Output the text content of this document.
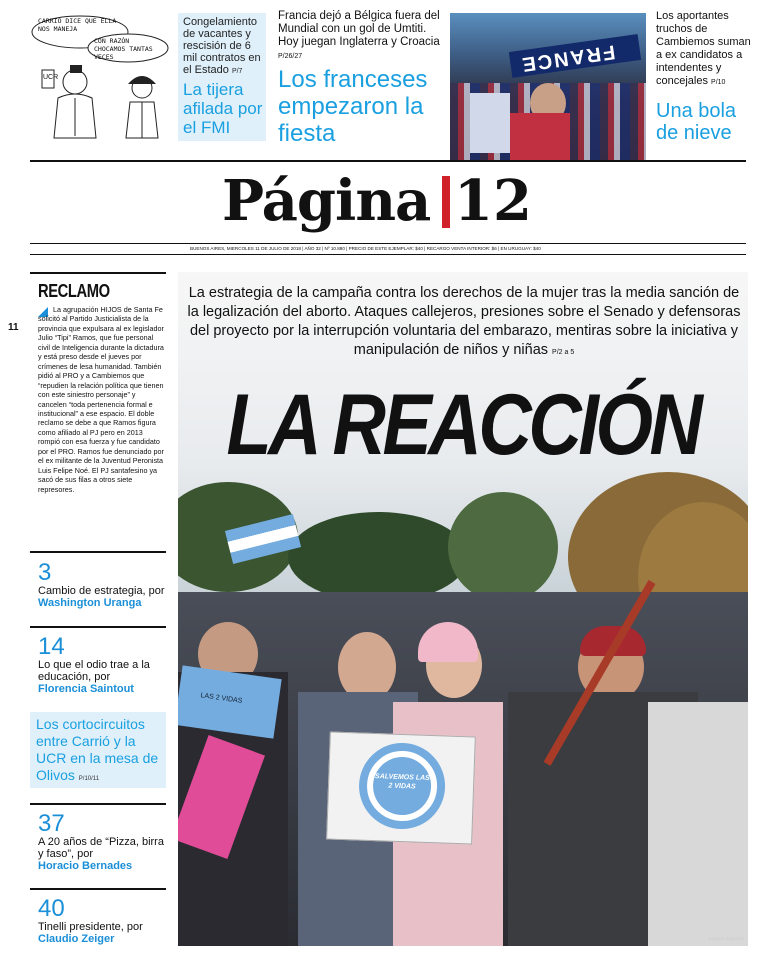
CARRIÓ DICE QUE ELLA NOS MANEJA
CON RAZÓN CHOCAMOS TANTAS VECES
UCR
Congelamiento de vacantes y rescisión de 6 mil contratos en el Estado P/7
La tijera afilada por el FMI
Francia dejó a Bélgica fuera del Mundial con un gol de Umtiti. Hoy juegan Inglaterra y Croacia P/26/27
Los franceses empezaron la fiesta
FRANCE
Los aportantes truchos de Cambiemos suman a ex candidatos a intendentes y concejales P/10
Una bola de nieve
Página 12
BUENOS AIRES, MIERCOLES 11 DE JULIO DE 2018 | AÑO 32 | Nº 10.880 | PRECIO DE ESTE EJEMPLAR: $40 | RECARGO VENTA INTERIOR: $6 | EN URUGUAY: $40
11
RECLAMO
La agrupación HIJOS de Santa Fe solicitó al Partido Justicialista de la provincia que expulsara al ex legislador Julio “Tipi” Ramos, que fue personal civil de Inteligencia durante la dictadura y está preso desde el jueves por crímenes de lesa humanidad. También pidió al PRO y a Cambiemos que “repudien la relación política que tienen con este siniestro personaje” y cancelen “toda pertenencia formal e institucional” a ese espacio. El doble reclamo se debe a que Ramos figura como afiliado al PJ pero en 2013 rompió con esa fuerza y fue candidato por el PRO. Ramos fue denunciado por el ex militante de la Juventud Peronista Luis Felipe Noé. El PJ santafesino ya sacó de sus filas a otros siete represores.
3
Cambio de estrategia, por
Washington Uranga
14
Lo que el odio trae a la educación, por
Florencia Saintout
Los cortocircuitos entre Carrió y la UCR en la mesa de Olivos P/10/11
37
A 20 años de “Pizza, birra y faso”, por
Horacio Bernades
40
Tinelli presidente, por
Claudio Zeiger
LAS 2 VIDAS
SALVEMOS LAS 2 VIDAS
La estrategia de la campaña contra los derechos de la mujer tras la media sanción de la legalización del aborto. Ataques callejeros, presiones sobre el Senado y defensoras del proyecto por la interrupción voluntaria del embarazo, mentiras sobre la iniciativa y manipulación de niños y niñas P/2 a 5
LA REACCIÓN
Joaquín Salguero
